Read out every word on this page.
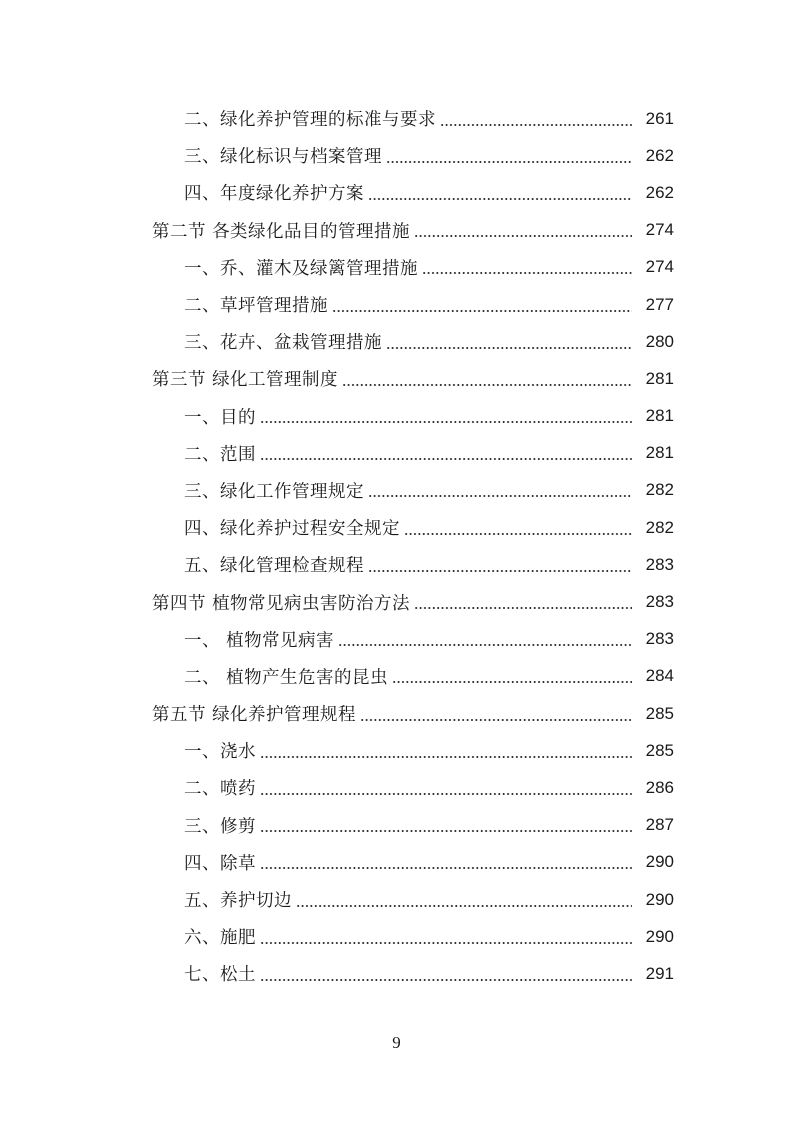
二、绿化养护管理的标准与要求	261
三、绿化标识与档案管理	262
四、年度绿化养护方案	262
第二节 各类绿化品目的管理措施	274
一、乔、灌木及绿篱管理措施	274
二、草坪管理措施	277
三、花卉、盆栽管理措施	280
第三节 绿化工管理制度	281
一、目的	281
二、范围	281
三、绿化工作管理规定	282
四、绿化养护过程安全规定	282
五、绿化管理检查规程	283
第四节 植物常见病虫害防治方法	283
一、 植物常见病害	283
二、 植物产生危害的昆虫	284
第五节 绿化养护管理规程	285
一、浇水	285
二、喷药	286
三、修剪	287
四、除草	290
五、养护切边	290
六、施肥	290
七、松土	291
9
